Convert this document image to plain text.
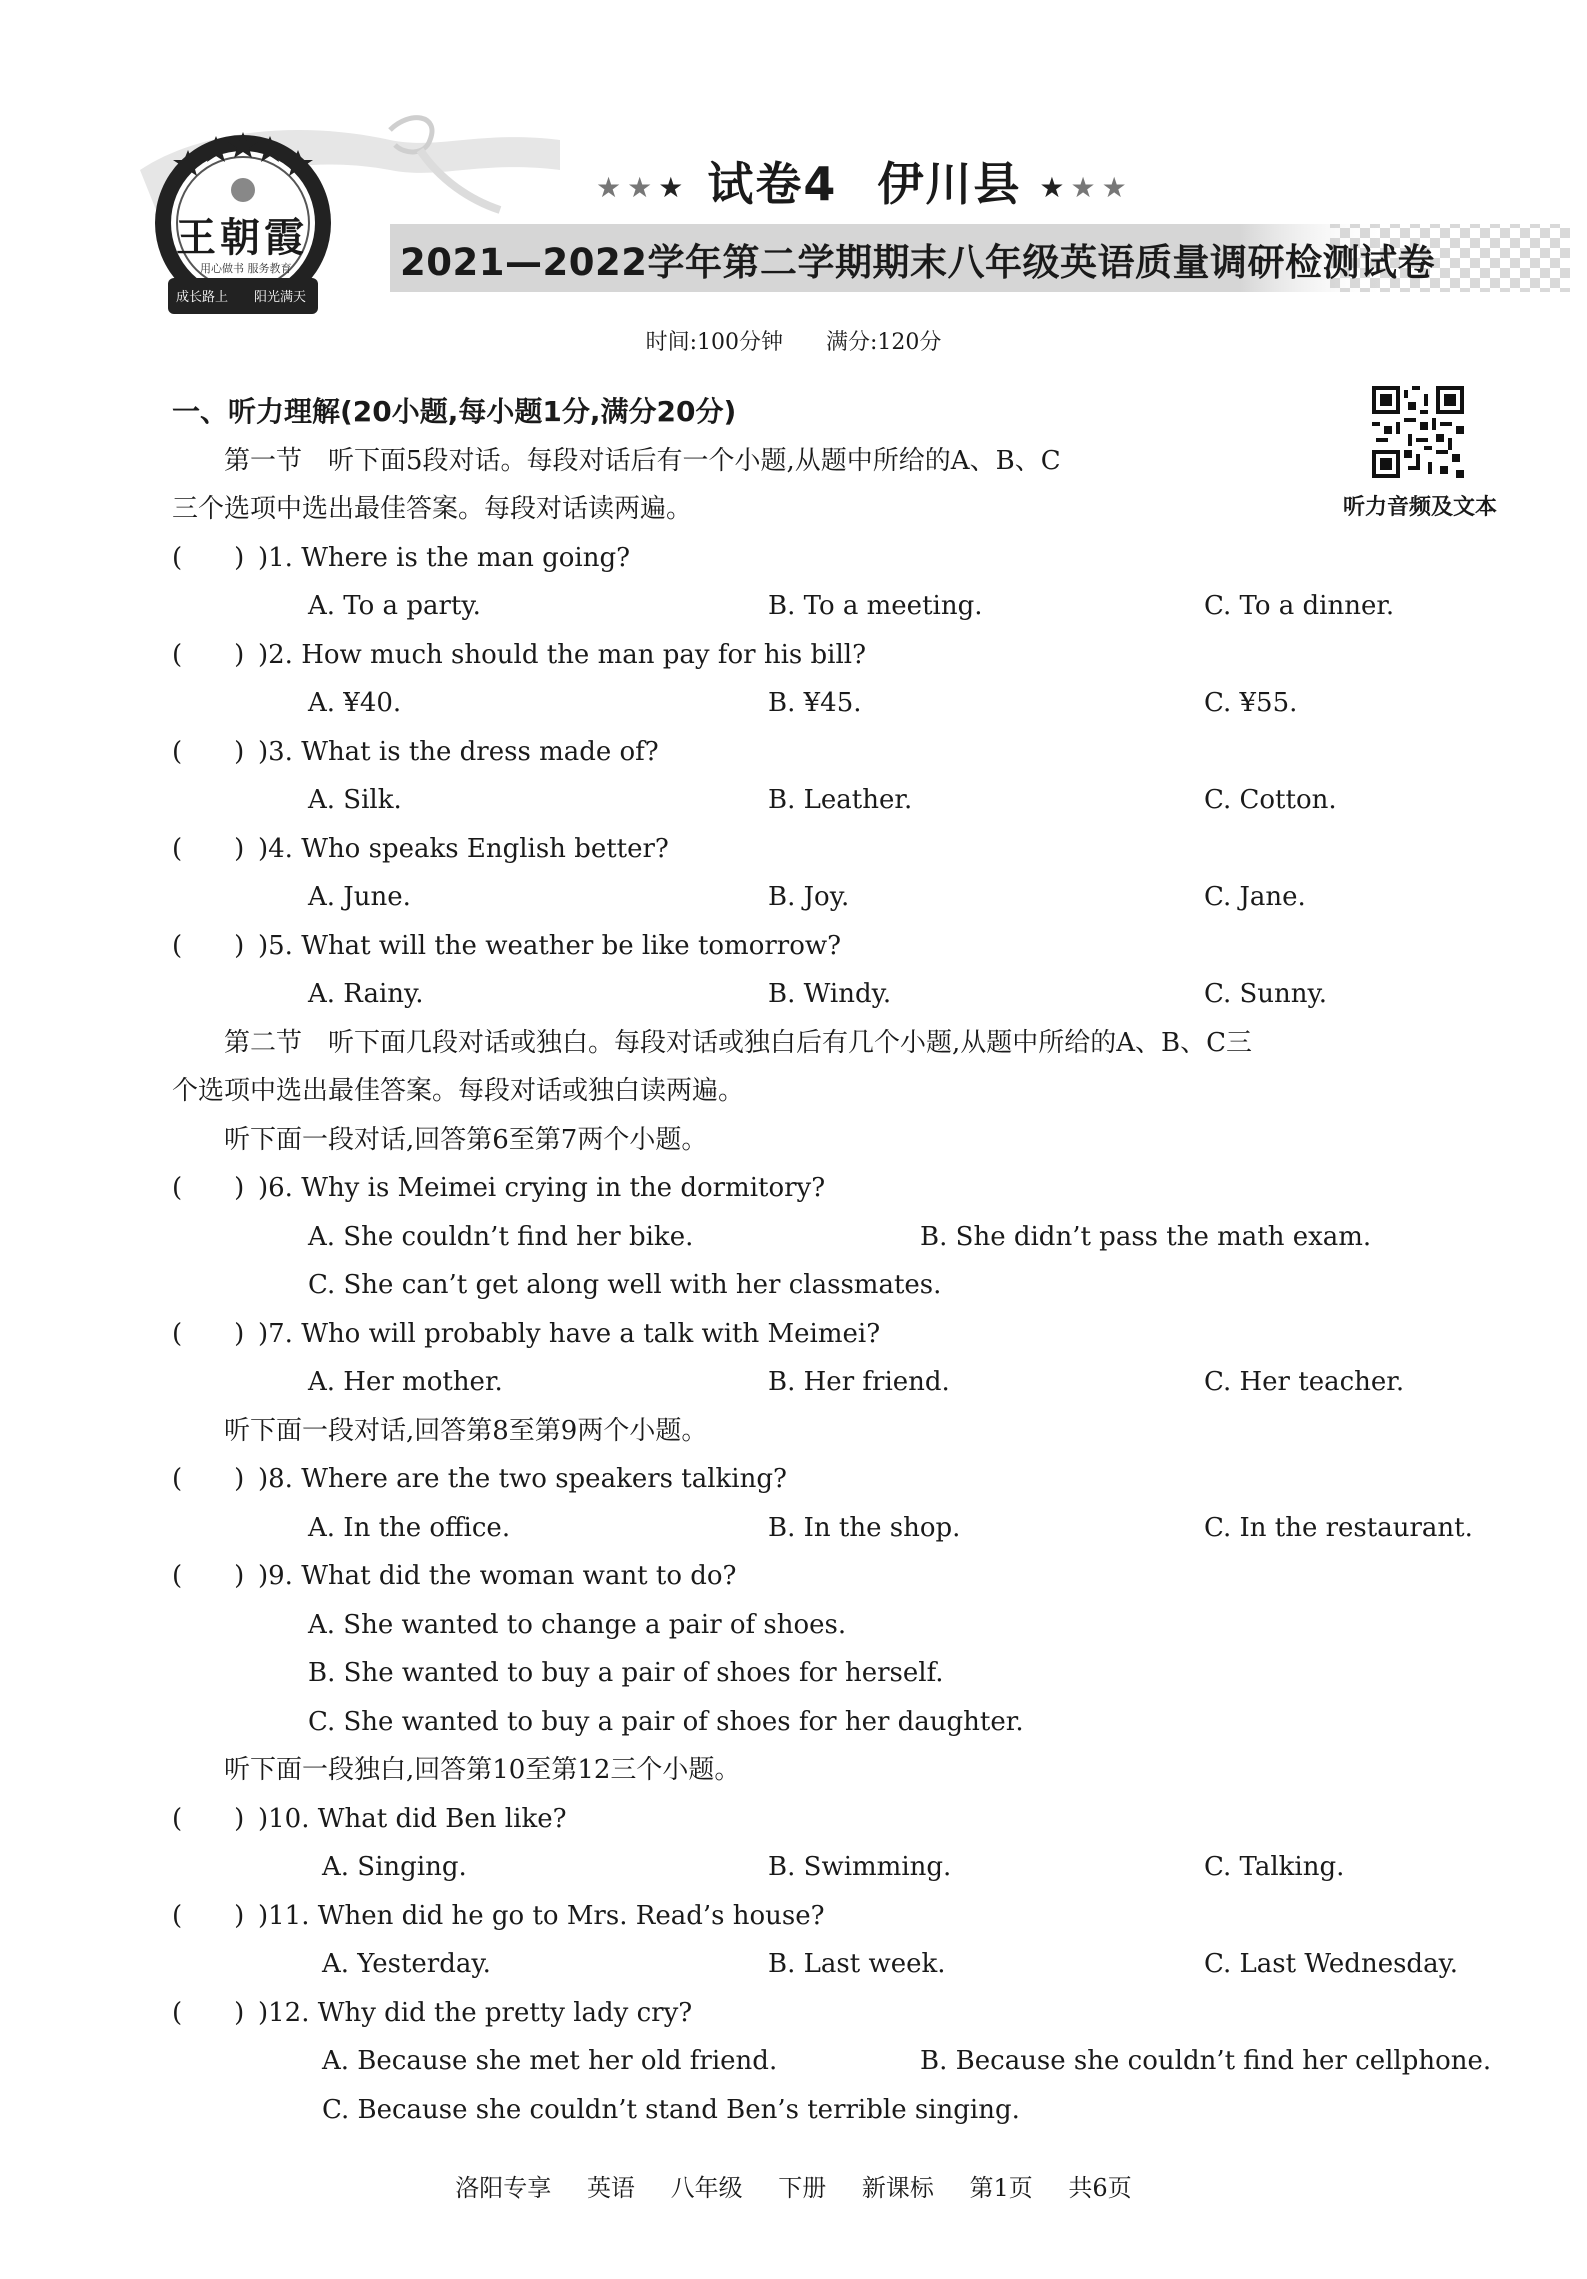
王朝霞
用心做书 服务教育
成长路上 阳光满天
★★★ 试卷4 伊川县 ★★★
2021—2022学年第二学期期末八年级英语质量调研检测试卷
时间:100分钟 满分:120分
听力音频及文本
一、听力理解(20小题,每小题1分,满分20分)
第一节　听下面5段对话。每段对话后有一个小题,从题中所给的A、B、C
三个选项中选出最佳答案。每段对话读两遍。
(　　) )1. Where is the man going?
A. To a party.	B. To a meeting.	C. To a dinner.
(　　) )2. How much should the man pay for his bill?
A. ¥40.	B. ¥45.	C. ¥55.
(　　) )3. What is the dress made of?
A. Silk.	B. Leather.	C. Cotton.
(　　) )4. Who speaks English better?
A. June.	B. Joy.	C. Jane.
(　　) )5. What will the weather be like tomorrow?
A. Rainy.	B. Windy.	C. Sunny.
第二节　听下面几段对话或独白。每段对话或独白后有几个小题,从题中所给的A、B、C三
个选项中选出最佳答案。每段对话或独白读两遍。
听下面一段对话,回答第6至第7两个小题。
(　　) )6. Why is Meimei crying in the dormitory?
A. She couldn’t find her bike.	B. She didn’t pass the math exam.
C. She can’t get along well with her classmates.
(　　) )7. Who will probably have a talk with Meimei?
A. Her mother.	B. Her friend.	C. Her teacher.
听下面一段对话,回答第8至第9两个小题。
(　　) )8. Where are the two speakers talking?
A. In the office.	B. In the shop.	C. In the restaurant.
(　　) )9. What did the woman want to do?
A. She wanted to change a pair of shoes.
B. She wanted to buy a pair of shoes for herself.
C. She wanted to buy a pair of shoes for her daughter.
听下面一段独白,回答第10至第12三个小题。
(　　) )10. What did Ben like?
A. Singing.	B. Swimming.	C. Talking.
(　　) )11. When did he go to Mrs. Read’s house?
A. Yesterday.	B. Last week.	C. Last Wednesday.
(　　) )12. Why did the pretty lady cry?
A. Because she met her old friend.	B. Because she couldn’t find her cellphone.
C. Because she couldn’t stand Ben’s terrible singing.
洛阳专享 英语 八年级 下册 新课标 第1页 共6页
